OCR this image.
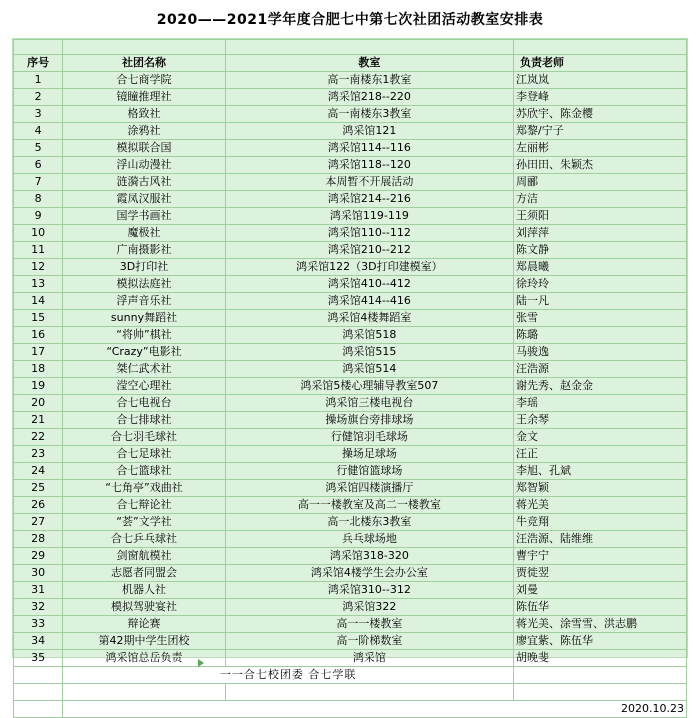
2020——2021学年度合肥七中第七次社团活动教室安排表

序号	社团名称	教室	负责老师
1	合七商学院	高一南楼东1教室	江岚岚
2	镜瞳推理社	鸿采馆218--220	李登峰
3	格致社	高一南楼东3教室	苏欣宇、陈金樱
4	涂鸦社	鸿采馆121	郑黎/宁子
5	模拟联合国	鸿采馆114--116	左丽彬
6	浮山动漫社	鸿采馆118--120	孙田田、朱颖杰
7	涟漪古风社	本周暂不开展活动	周郦
8	霞凤汉服社	鸿采馆214--216	方洁
9	国学书画社	鸿采馆119-119	王须阳
10	魔极社	鸿采馆110--112	刘萍萍
11	广南摄影社	鸿采馆210--212	陈文静
12	3D打印社	鸿采馆122（3D打印建模室）	郑晨曦
13	模拟法庭社	鸿采馆410--412	徐玲玲
14	浮声音乐社	鸿采馆414--416	陆一凡
15	sunny舞蹈社	鸿采馆4楼舞蹈室	张雪
16	“将帅”棋社	鸿采馆518	陈璐
17	“Crazy”电影社	鸿采馆515	马骏逸
18	桀仁武术社	鸿采馆514	汪浩源
19	滢空心理社	鸿采馆5楼心理辅导教室507	谢先秀、赵金金
20	合七电视台	鸿采馆三楼电视台	李瑶
21	合七排球社	操场旗台旁排球场	王余琴
22	合七羽毛球社	行健馆羽毛球场	金文
23	合七足球社	操场足球场	汪正
24	合七篮球社	行健馆篮球场	李旭、孔斌
25	“七角亭”戏曲社	鸿采馆四楼演播厅	郑智颖
26	合七辩论社	高一一楼教室及高二一楼教室	蒋光美
27	“荟”文学社	高一北楼东3教室	牛竞翔
28	合七乒乓球社	兵乓球场地	汪浩源、陆维维
29	剑窗航模社	鸿采馆318-320	曹宇宁
30	志愿者同盟会	鸿采馆4楼学生会办公室	贾徙翌
31	机器人社	鸿采馆310--312	刘曼
32	模拟驾驶宴社	鸿采馆322	陈伍华
33	辩论赛	高一一楼教室	蒋光美、涂雪雪、洪志鹏
34	第42期中学生团校	高一阶梯数室	廖宜紫、陈伍华
35	鸿采馆总岳负责	鸿采馆	胡晚斐
	一一合七校团委 合七学联		

	2020.10.23		
